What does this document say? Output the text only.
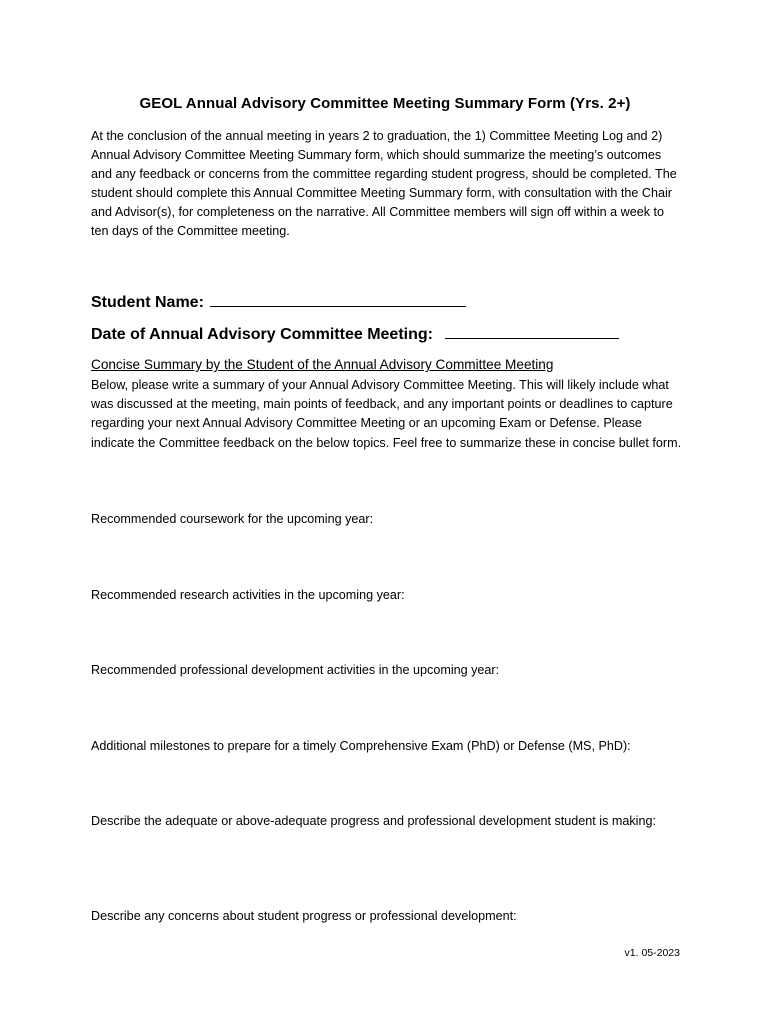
GEOL Annual Advisory Committee Meeting Summary Form (Yrs. 2+)
At the conclusion of the annual meeting in years 2 to graduation, the 1) Committee Meeting Log and 2) Annual Advisory Committee Meeting Summary form, which should summarize the meeting’s outcomes and any feedback or concerns from the committee regarding student progress, should be completed. The student should complete this Annual Committee Meeting Summary form, with consultation with the Chair and Advisor(s), for completeness on the narrative. All Committee members will sign off within a week to ten days of the Committee meeting.
Student Name:
Date of Annual Advisory Committee Meeting:
Concise Summary by the Student of the Annual Advisory Committee Meeting
Below, please write a summary of your Annual Advisory Committee Meeting. This will likely include what was discussed at the meeting, main points of feedback, and any important points or deadlines to capture regarding your next Annual Advisory Committee Meeting or an upcoming Exam or Defense. Please indicate the Committee feedback on the below topics. Feel free to summarize these in concise bullet form.
Recommended coursework for the upcoming year:
Recommended research activities in the upcoming year:
Recommended professional development activities in the upcoming year:
Additional milestones to prepare for a timely Comprehensive Exam (PhD) or Defense (MS, PhD):
Describe the adequate or above-adequate progress and professional development student is making:
Describe any concerns about student progress or professional development:
v1. 05-2023
